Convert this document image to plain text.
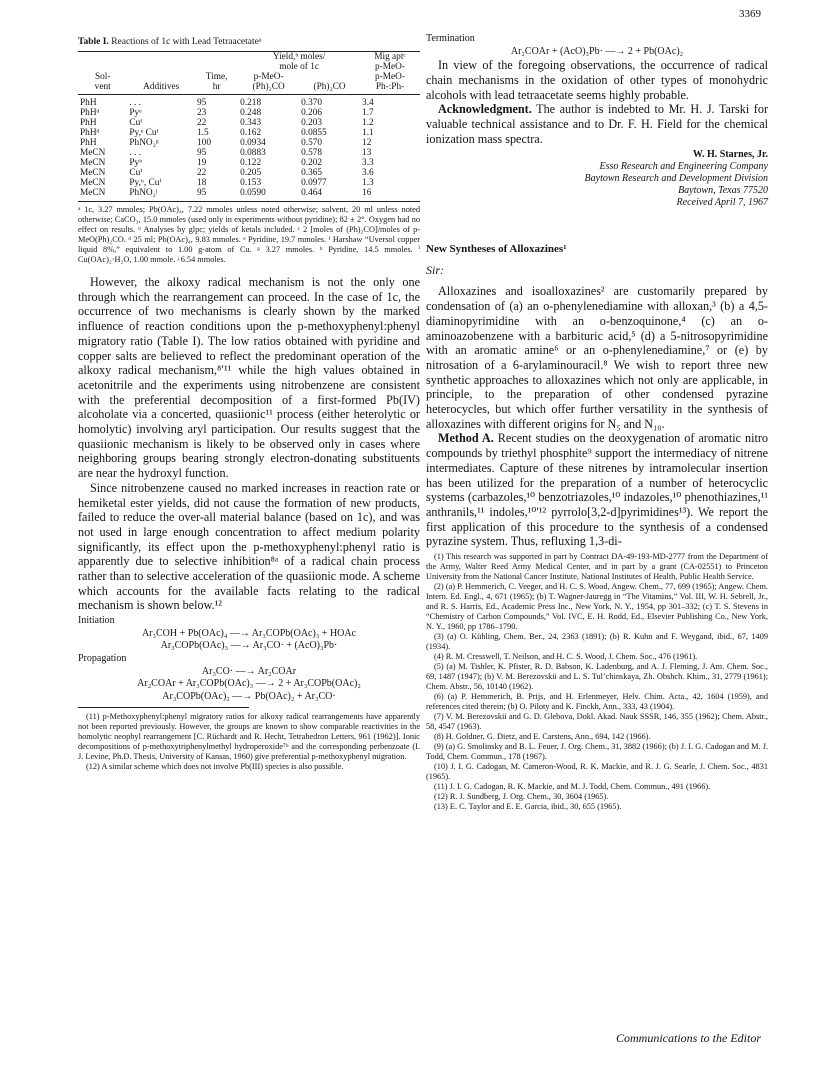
3369
Table I. Reactions of 1c with Lead Tetraacetateᵃ
			Yield,ᵇ moles/		Mig aptᶜ
			mole of 1c		p-MeO-
Sol-		Time,	p-MeO-		p-MeO-
vent	Additives	hr	(Ph)₂CO	(Ph)₂CO	Ph-:Ph-
PhH	. . .	95	0.218	0.370	3.4
PhHᵈ	Pyᵉ	23	0.248	0.206	1.7
PhH	Cuᶠ	22	0.343	0.203	1.2
PhHᵈ	Py,ᵉ Cuᶠ	1.5	0.162	0.0855	1.1
PhH	PhNO₂ᵍ	100	0.0934	0.570	12
MeCN	. . .	95	0.0883	0.578	13
MeCN	Pyʰ	19	0.122	0.202	3.3
MeCN	Cuⁱ	22	0.205	0.365	3.6
MeCN	Py,ʰ, Cuⁱ	18	0.153	0.0977	1.3
MeCN	PhNO₂ʲ	95	0.0590	0.464	16
ᵃ 1c, 3.27 mmoles; Pb(OAc)₄, 7.22 mmoles unless noted otherwise; solvent, 20 ml unless noted otherwise; CaCO₃, 15.0 mmoles (used only in experiments without pyridine); 82 ± 2°. Oxygen had no effect on results. ᵇ Analyses by glpc; yields of ketals included. ᶜ 2 [moles of (Ph)₂CO]/moles of p-MeO(Ph)₂CO. ᵈ 25 ml; Pb(OAc)₄, 9.83 mmoles. ᵉ Pyridine, 19.7 mmoles. ᶠ Harshaw “Uversol copper liquid 8%,” equivalent to 1.00 g-atom of Cu. ᵍ 3.27 mmoles. ʰ Pyridine, 14.5 mmoles. ⁱ Cu(OAc)₂·H₂O, 1.00 mmole. ʲ 6.54 mmoles.

However, the alkoxy radical mechanism is not the only one through which the rearrangement can proceed. In the case of 1c, the occurrence of two mechanisms is clearly shown by the marked influence of reaction conditions upon the p-methoxyphenyl:phenyl migratory ratio (Table I). The low ratios obtained with pyridine and copper salts are believed to reflect the predominant operation of the alkoxy radical mechanism,⁸ʹ¹¹ while the high values obtained in acetonitrile and the experiments using nitrobenzene are consistent with the preferential decomposition of a first-formed Pb(IV) alcoholate via a concerted, quasiionic¹¹ process (either heterolytic or homolytic) involving aryl participation. Our results suggest that the quasiionic mechanism is likely to be observed only in cases where neighboring groups bearing strongly electron-donating substituents are near the hydroxyl function.

Since nitrobenzene caused no marked increases in reaction rate or hemiketal ester yields, did not cause the formation of new products, failed to reduce the over-all material balance (based on 1c), and was not used in large enough concentration to affect medium polarity significantly, its effect upon the p-methoxyphenyl:phenyl ratio is apparently due to selective inhibition⁸ᵃ of a radical chain process rather than to selective acceleration of the quasiionic mode. A scheme which accounts for the available facts relating to the radical mechanism is shown below.¹²

Initiation
Ar₃COH + Pb(OAc)₄ —→ Ar₃COPb(OAc)₃ + HOAc
Ar₃COPb(OAc)₃ —→ Ar₃CO· + (AcO)₃Pb·
Propagation
Ar₃CO· —→ Ar₂COAr
Ar₂COAr + Ar₃COPb(OAc)₃ —→ 2 + Ar₃COPb(OAc)₂
Ar₃COPb(OAc)₂ —→ Pb(OAc)₂ + Ar₃CO·

(11) p-Methoxyphenyl:phenyl migratory ratios for alkoxy radical rearrangements have apparently not been reported previously. However, the groups are known to show comparable reactivities in the homolytic neophyl rearrangement [C. Rüchardt and R. Hecht, Tetrahedron Letters, 961 (1962)]. Ionic decompositions of p-methoxytriphenylmethyl hydroperoxide⁷ᵇ and the corresponding perbenzoate (I. J. Levine, Ph.D. Thesis, University of Kansas, 1960) give preferential p-methoxyphenyl migration.

(12) A similar scheme which does not involve Pb(III) species is also possible.

Termination
Ar₂COAr + (AcO)₃Pb· —→ 2 + Pb(OAc)₂

In view of the foregoing observations, the occurrence of radical chain mechanisms in the oxidation of other types of monohydric alcohols with lead tetraacetate seems highly probable.

Acknowledgment. The author is indebted to Mr. H. J. Tarski for valuable technical assistance and to Dr. F. H. Field for the chemical ionization mass spectra.

W. H. Starnes, Jr.
Esso Research and Engineering Company
Baytown Research and Development Division
Baytown, Texas 77520
Received April 7, 1967
New Syntheses of Alloxazines¹
Sir:

Alloxazines and isoalloxazines² are customarily prepared by condensation of (a) an o-phenylenediamine with alloxan,³ (b) a 4,5-diaminopyrimidine with an o-benzoquinone,⁴ (c) an o-aminoazobenzene with a barbituric acid,⁵ (d) a 5-nitrosopyrimidine with an aromatic amine⁶ or an o-phenylenediamine,⁷ or (e) by nitrosation of a 6-arylaminouracil.⁸ We wish to report three new synthetic approaches to alloxazines which not only are applicable, in principle, to the preparation of other condensed pyrazine heterocycles, but which offer further versatility in the synthesis of alloxazines with different origins for N₅ and N₁₀.

Method A. Recent studies on the deoxygenation of aromatic nitro compounds by triethyl phosphite⁹ support the intermediacy of nitrene intermediates. Capture of these nitrenes by intramolecular insertion has been utilized for the preparation of a number of heterocyclic systems (carbazoles,¹⁰ benzotriazoles,¹⁰ indazoles,¹⁰ phenothiazines,¹¹ anthranils,¹¹ indoles,¹⁰ʹ¹² pyrrolo[3,2-d]pyrimidines¹³). We report the first application of this procedure to the synthesis of a condensed pyrazine system. Thus, refluxing 1,3-di-

(1) This research was supported in part by Contract DA-49-193-MD-2777 from the Department of the Army, Walter Reed Army Medical Center, and in part by a grant (CA-02551) to Princeton University from the National Cancer Institute, National Institutes of Health, Public Health Service.

(2) (a) P. Hemmerich, C. Veeger, and H. C. S. Wood, Angew. Chem., 77, 699 (1965); Angew. Chem. Intern. Ed. Engl., 4, 671 (1965); (b) T. Wagner-Jauregg in “The Vitamins,” Vol. III, W. H. Sebrell, Jr., and R. S. Harris, Ed., Academic Press Inc., New York, N. Y., 1954, pp 301–332; (c) T. S. Stevens in “Chemistry of Carbon Compounds,” Vol. IVC, E. H. Rodd, Ed., Elsevier Publishing Co., New York, N. Y., 1960, pp 1786–1790.

(3) (a) O. Kühling, Chem. Ber., 24, 2363 (1891); (b) R. Kuhn and F. Weygand, ibid., 67, 1409 (1934).

(4) R. M. Cresswell, T. Neilson, and H. C. S. Wood, J. Chem. Soc., 476 (1961).

(5) (a) M. Tishler, K. Pfister, R. D. Babson, K. Ladenburg, and A. J. Fleming, J. Am. Chem. Soc., 69, 1487 (1947); (b) V. M. Berezovskii and L. S. Tul’chinskaya, Zh. Obshch. Khim., 31, 2779 (1961); Chem. Abstr., 56, 10140 (1962).

(6) (a) P. Hemmerich, B. Prijs, and H. Erlenmeyer, Helv. Chim. Acta., 42, 1604 (1959), and references cited therein; (b) O. Piloty and K. Finckh, Ann., 333, 43 (1904).

(7) V. M. Berezovskii and G. D. Glebova, Dokl. Akad. Nauk SSSR, 146, 355 (1962); Chem. Abstr., 58, 4547 (1963).

(8) H. Goldner, G. Dietz, and E. Carstens, Ann., 694, 142 (1966).

(9) (a) G. Smolinsky and B. L. Feuer, J. Org. Chem., 31, 3882 (1966); (b) J. I. G. Cadogan and M. J. Todd, Chem. Commun., 178 (1967).

(10) J. I. G. Cadogan, M. Cameron-Wood, R. K. Mackie, and R. J. G. Searle, J. Chem. Soc., 4831 (1965).

(11) J. I. G. Cadogan, R. K. Mackie, and M. J. Todd, Chem. Commun., 491 (1966).

(12) R. J. Sundberg, J. Org. Chem., 30, 3604 (1965).

(13) E. C. Taylor and E. E. Garcia, ibid., 30, 655 (1965).

Communications to the Editor
